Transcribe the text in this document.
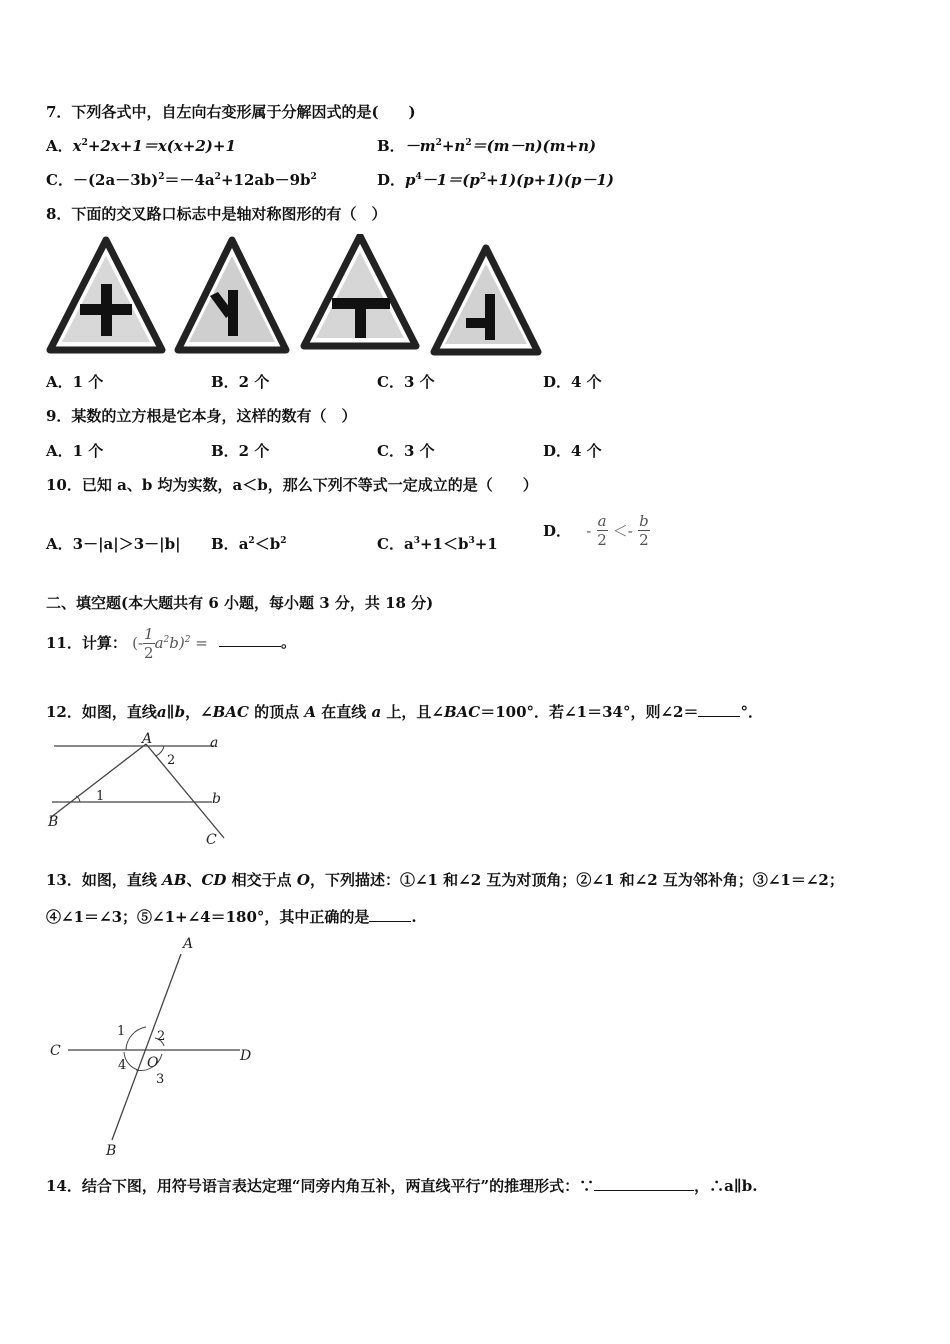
7．下列各式中，自左向右变形属于分解因式的是(　　)
A．$x^2+2x+1=x(x+2)+1$	B．$-m^2+n^2=(m-n)(m+n)$
C．$-(2a-3b)^2=-4a^2+12ab-9b^2$	D．$p^4-1=(p^2+1)(p+1)(p-1)$
8．下面的交叉路口标志中是轴对称图形的有（　）
A．1 个	B．2 个	C．3 个	D．4 个
9．某数的立方根是它本身，这样的数有（　）
A．1 个	B．2 个	C．3 个	D．4 个
10．已知 a、b 均为实数，a＜b，那么下列不等式一定成立的是（　　）
A．3－|a|＞3－|b| B．$a^2<b^2$	C．$a^3+1<b^3+1$
D． - $\frac{a}{2} <- \frac{b}{2}$
二、填空题(本大题共有 6 小题，每小题 3 分，共 18 分)
11．计算： (- $\frac{1}{2} a^2b)^2$ =	。
12．如图，直线a∥b，∠BAC 的顶点 A 在直线 a 上，且∠BAC＝100°．若∠1＝34°，则∠2＝	°．
A	a
b
B
C
1
2
13．如图，直线 AB、CD 相交于点 O，下列描述：①∠1 和∠2 互为对顶角；②∠1 和∠2 互为邻补角；③∠1＝∠2；
④∠1＝∠3；⑤∠1+∠4＝180°，其中正确的是	.
A
C	D
O
B
1 2
3
4
14．结合下图，用符号语言表达定理“同旁内角互补，两直线平行”的推理形式：∵	，∴a∥b.
